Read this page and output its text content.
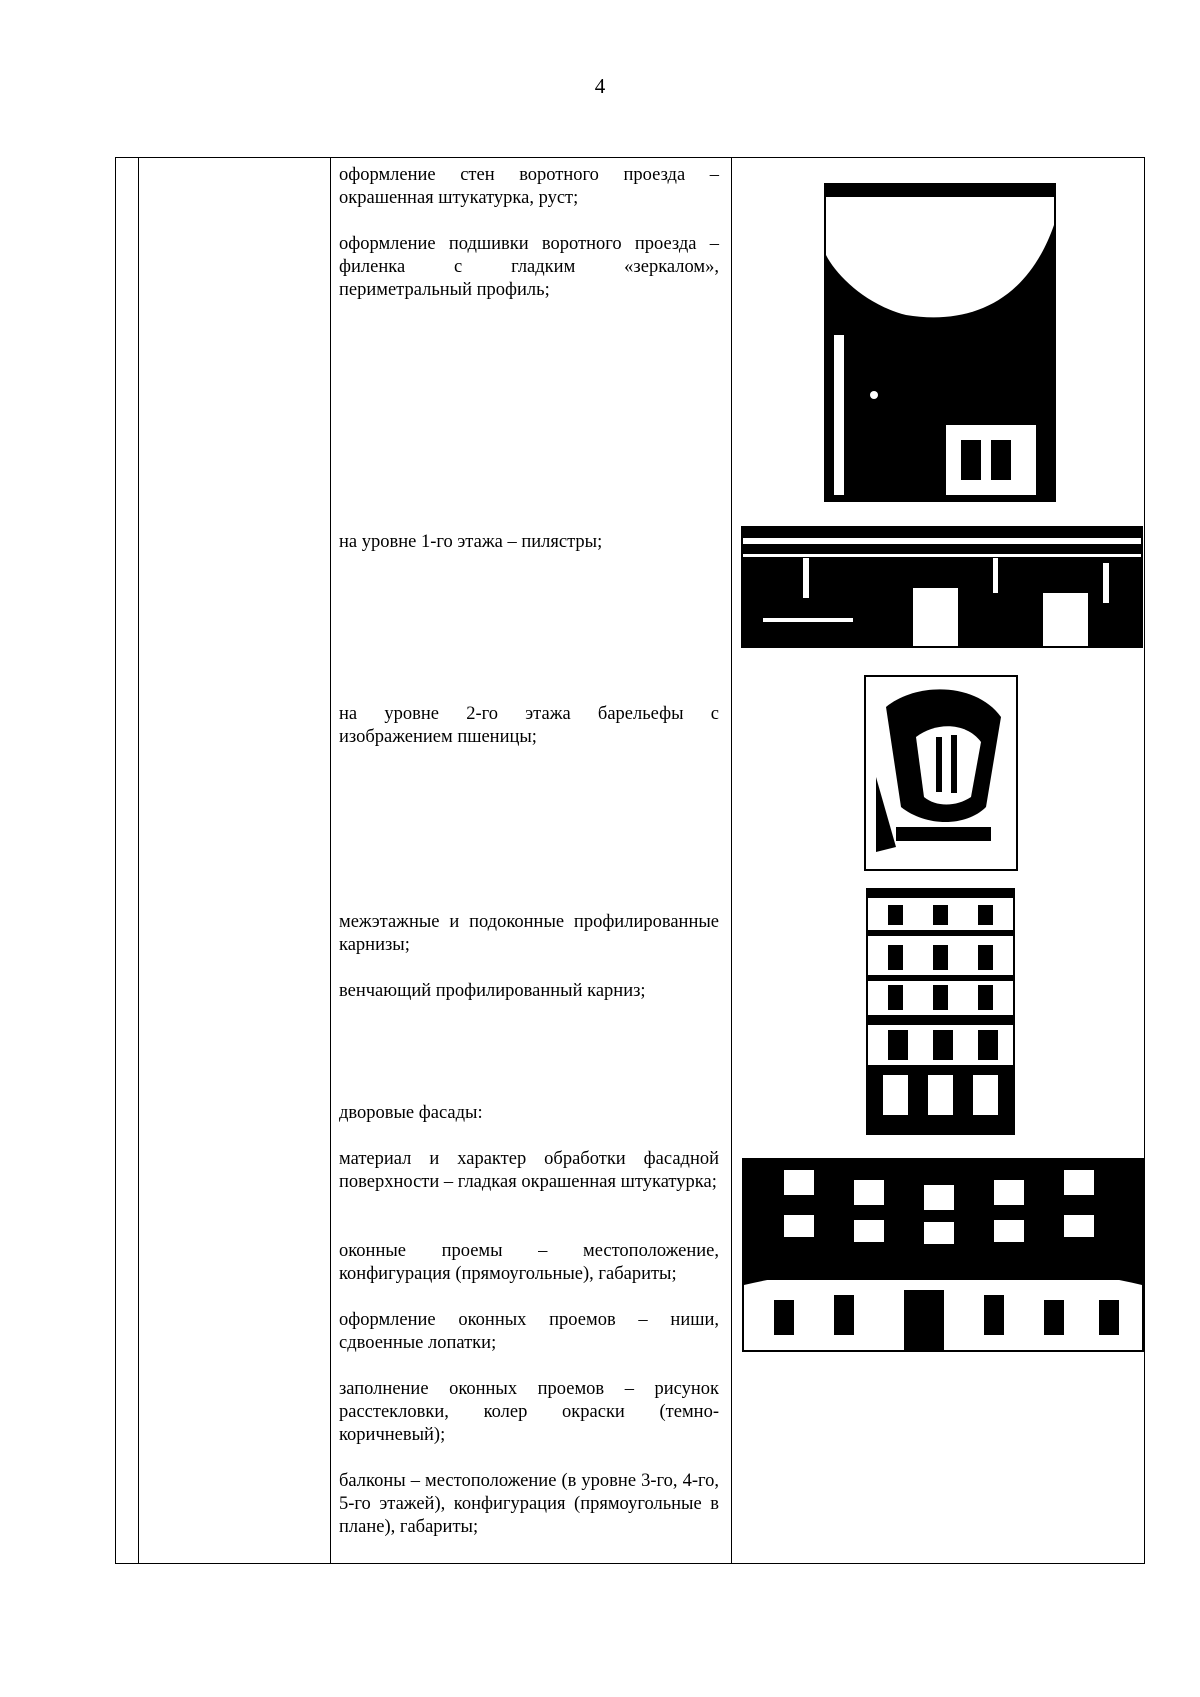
4
оформление стен воротного проезда – окрашенная штукатурка, руст;
оформление подшивки воротного проезда – филенка с гладким «зеркалом», периметральный профиль;
на уровне 1-го этажа – пилястры;
на уровне 2-го этажа барельефы с изображением пшеницы;
межэтажные и подоконные профилированные карнизы;
венчающий профилированный карниз;
дворовые фасады:
материал и характер обработки фасадной поверхности – гладкая окрашенная штукатурка;
оконные проемы – местоположение, конфигурация (прямоугольные), габариты;
оформление оконных проемов – ниши, сдвоенные лопатки;
заполнение оконных проемов – рисунок расстекловки, колер окраски (темно-коричневый);
балконы – местоположение (в уровне 3-го, 4-го, 5-го этажей), конфигурация (прямоугольные в плане), габариты;
